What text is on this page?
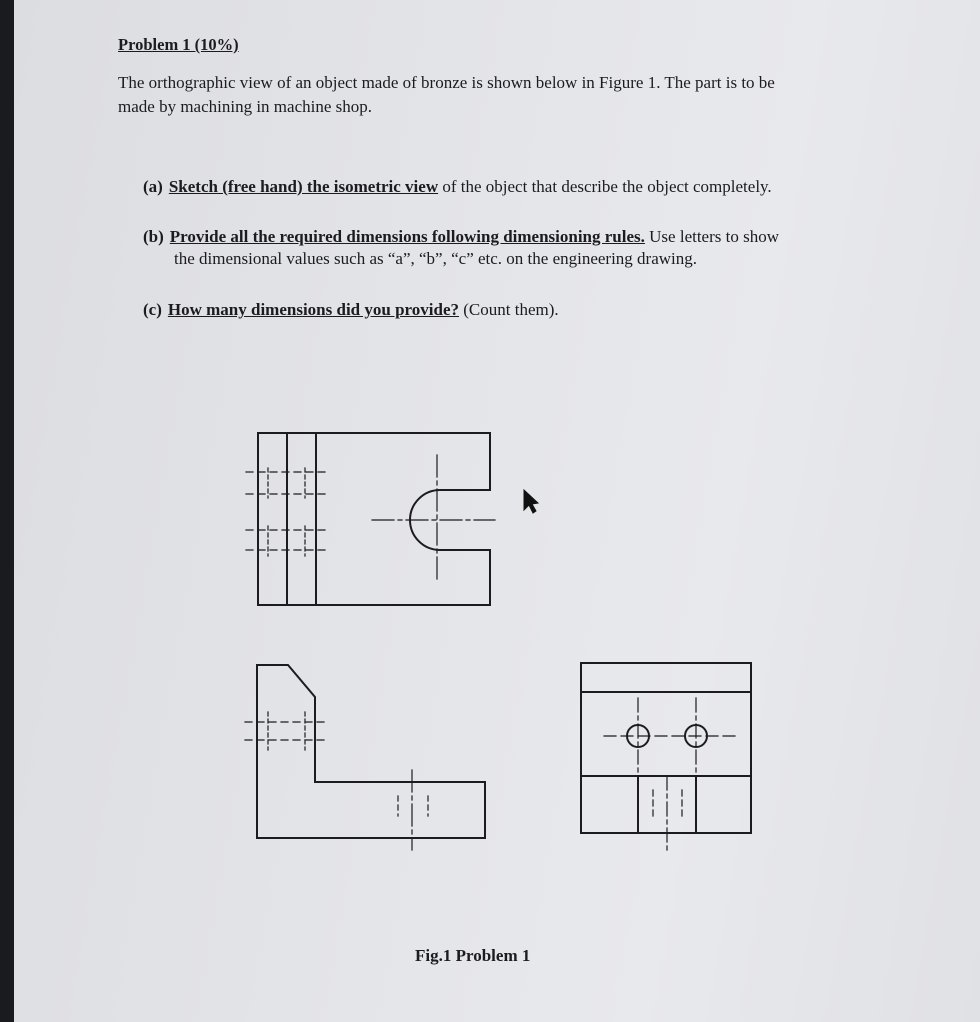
Problem 1 (10%)
The orthographic view of an object made of bronze is shown below in Figure 1. The part is to be
made by machining in machine shop.
(a) Sketch (free hand) the isometric view of the object that describe the object completely.
(b) Provide all the required dimensions following dimensioning rules. Use letters to show
the dimensional values such as “a”, “b”, “c” etc. on the engineering drawing.
(c) How many dimensions did you provide? (Count them).
Fig.1 Problem 1
